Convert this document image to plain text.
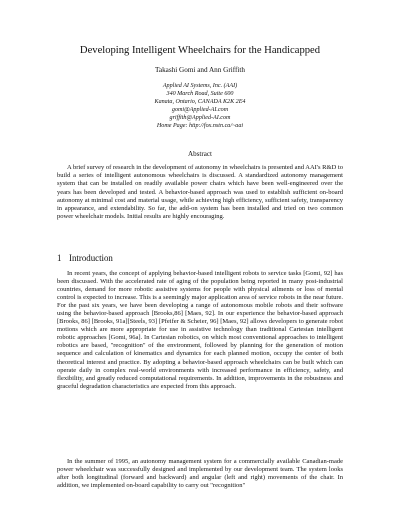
Developing Intelligent Wheelchairs for the Handicapped
Takashi Gomi and Ann Griffith
Applied AI Systems, Inc. (AAI)
340 March Road, Suite 600
Kanata, Ontario, CANADA K2K 2E4
gomi@Applied-AI.com
griffith@Applied-AI.com
Home Page: http://fox.nstn.ca/~aai
Abstract

A brief survey of research in the development of autonomy in wheelchairs is presented and AAI's R&D to build a series of intelligent autonomous wheelchairs is discussed. A standardized autonomy management system that can be installed on readily available power chairs which have been well-engineered over the years has been developed and tested. A behavior-based approach was used to establish sufficient on-board autonomy at minimal cost and material usage, while achieving high efficiency, sufficient safety, transparency in appearance, and extendability. So far, the add-on system has been installed and tried on two common power wheelchair models. Initial results are highly encouraging.

1 Introduction

In recent years, the concept of applying behavior-based intelligent robots to service tasks [Gomi, 92] has been discussed. With the accelerated rate of aging of the population being reported in many post-industrial countries, demand for more robotic assistive systems for people with physical ailments or loss of mental control is expected to increase. This is a seemingly major application area of service robots in the near future. For the past six years, we have been developing a range of autonomous mobile robots and their software using the behavior-based approach [Brooks,86] [Maes, 92]. In our experience the behavior-based approach [Brooks, 86] [Brooks, 91a][Steels, 93] [Pfeifer & Scheier, 96] [Maes, 92] allows developers to generate robot motions which are more appropriate for use in assistive technology than traditional Cartesian intelligent robotic approaches [Gomi, 96a]. In Cartesian robotics, on which most conventional approaches to intelligent robotics are based, "recognition" of the environment, followed by planning for the generation of motion sequence and calculation of kinematics and dynamics for each planned motion, occupy the center of both theoretical interest and practice. By adopting a behavior-based approach wheelchairs can be built which can operate daily in complex real-world environments with increased performance in efficiency, safety, and flexibility, and greatly reduced computational requirements. In addition, improvements in the robustness and graceful degradation characteristics are expected from this approach.

In the summer of 1995, an autonomy management system for a commercially available Canadian-made power wheelchair was successfully designed and implemented by our development team. The system looks after both longitudinal (forward and backward) and angular (left and right) movements of the chair. In addition, we implemented on-board capability to carry out "recognition"
